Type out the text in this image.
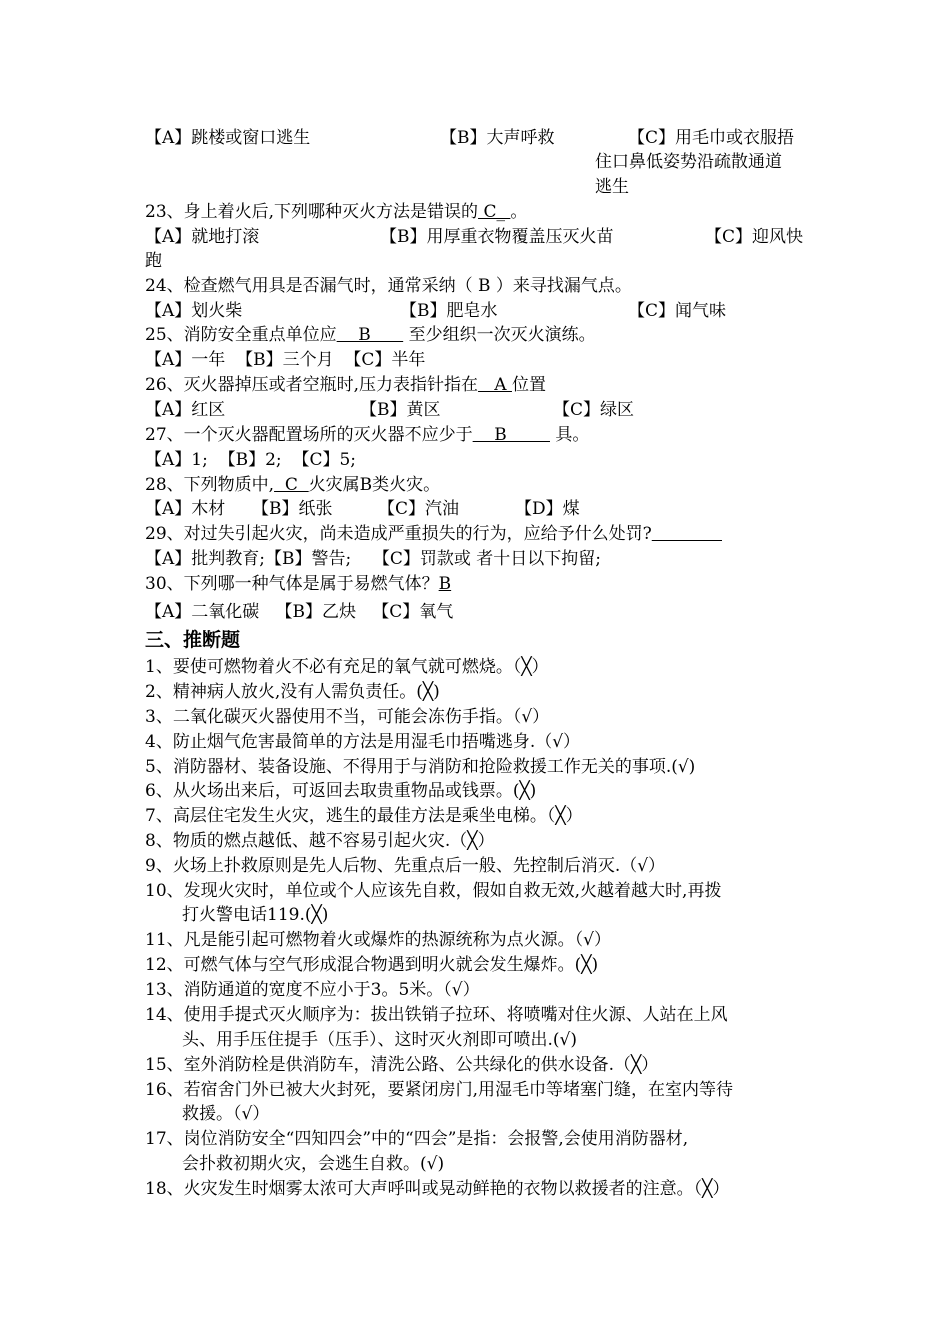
【A】跳楼或窗口逃生	【B】大声呼救	【C】用毛巾或衣服捂
住口鼻低姿势沿疏散通道
逃生
23、身上着火后,下列哪种灭火方法是错误的 C_ 。
【A】就地打滚	【B】用厚重衣物覆盖压灭火苗	【C】迎风快
跑
24、检查燃气用具是否漏气时，通常采纳（ B ）来寻找漏气点。
【A】划火柴	【B】肥皂水	【C】闻气味
25、消防安全重点单位应    B       至少组织一次灭火演练。
【A】一年  【B】三个月  【C】半年
26、灭火器掉压或者空瓶时,压力表指针指在   A 位置
【A】红区	【B】黄区	【C】绿区
27、一个灭火器配置场所的灭火器不应少于    B         具。
【A】1;  【B】2;  【C】5;
28、下列物质中,  C  火灾属B类火灾。
【A】木材 【B】纸张	【C】汽油	【D】煤
29、对过失引起火灾，尚未造成严重损失的行为，应给予什么处罚?
【A】批判教育;【B】警告;    【C】罚款或 者十日以下拘留;
30、下列哪一种气体是属于易燃气体？B
【A】二氧化碳   【B】乙炔   【C】氧气
三、推断题
1、要使可燃物着火不必有充足的氧气就可燃烧。（╳）
2、精神病人放火,没有人需负责任。(╳)
3、二氧化碳灭火器使用不当，可能会冻伤手指。（√）
4、防止烟气危害最简单的方法是用湿毛巾捂嘴逃身.（√）
5、消防器材、装备设施、不得用于与消防和抢险救援工作无关的事项.(√)
6、从火场出来后，可返回去取贵重物品或钱票。(╳)
7、高层住宅发生火灾，逃生的最佳方法是乘坐电梯。（╳）
8、物质的燃点越低、越不容易引起火灾.（╳）
9、火场上扑救原则是先人后物、先重点后一般、先控制后消灭.（√）
10、发现火灾时，单位或个人应该先自救，假如自救无效,火越着越大时,再拨
打火警电话119.(╳)
11、凡是能引起可燃物着火或爆炸的热源统称为点火源。（√）
12、可燃气体与空气形成混合物遇到明火就会发生爆炸。(╳)
13、消防通道的宽度不应小于3。5米。（√）
14、使用手提式灭火顺序为：拔出铁销子拉环、将喷嘴对住火源、人站在上风
头、用手压住提手（压手）、这时灭火剂即可喷出.(√)
15、室外消防栓是供消防车，清洗公路、公共绿化的供水设备.（╳）
16、若宿舍门外已被大火封死，要紧闭房门,用湿毛巾等堵塞门缝，在室内等待
救援。（√）
17、岗位消防安全“四知四会”中的“四会”是指：会报警,会使用消防器材,
会扑救初期火灾，会逃生自救。(√)
18、火灾发生时烟雾太浓可大声呼叫或晃动鲜艳的衣物以救援者的注意。（╳）
